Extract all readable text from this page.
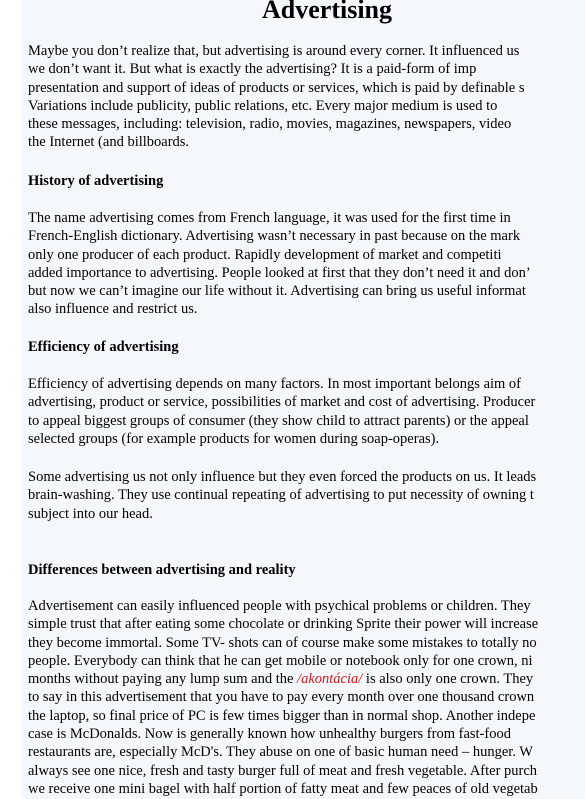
Advertising
Maybe you don’t realize that, but advertising is around every corner. It influenced us
we don’t want it. But what is exactly the advertising? It is a paid-form of imp
presentation and support of ideas of products or services, which is paid by definable s
Variations include publicity, public relations, etc. Every major medium is used to
these messages, including: television, radio, movies, magazines, newspapers, video
the Internet (and billboards.
History of advertising
The name advertising comes from French language, it was used for the first time in
French-English dictionary. Advertising wasn’t necessary in past because on the mark
only one producer of each product. Rapidly development of market and competiti
added importance to advertising. People looked at first that they don’t need it and don’
but now we can’t imagine our life without it. Advertising can bring us useful informat
also influence and restrict us.
Efficiency of advertising
Efficiency of advertising depends on many factors. In most important belongs aim of
advertising, product or service, possibilities of market and cost of advertising. Producer
to appeal biggest groups of consumer (they show child to attract parents) or the appeal
selected groups (for example products for women during soap-operas).
Some advertising us not only influence but they even forced the products on us. It leads
brain-washing. They use continual repeating of advertising to put necessity of owning t
subject into our head.
Differences between advertising and reality
Advertisement can easily influenced people with psychical problems or children. They
simple trust that after eating some chocolate or drinking Sprite their power will increase
they become immortal. Some TV- shots can of course make some mistakes to totally no
people. Everybody can think that he can get mobile or notebook only for one crown, ni
months without paying any lump sum and the /akontácia/ is also only one crown. They
to say in this advertisement that you have to pay every month over one thousand crown
the laptop, so final price of PC is few times bigger than in normal shop. Another indepe
case is McDonalds. Now is generally known how unhealthy burgers from fast-food
restaurants are, especially McD's. They abuse on one of basic human need – hunger. W
always see one nice, fresh and tasty burger full of meat and fresh vegetable. After purch
we receive one mini bagel with half portion of fatty meat and few peaces of old vegetab
